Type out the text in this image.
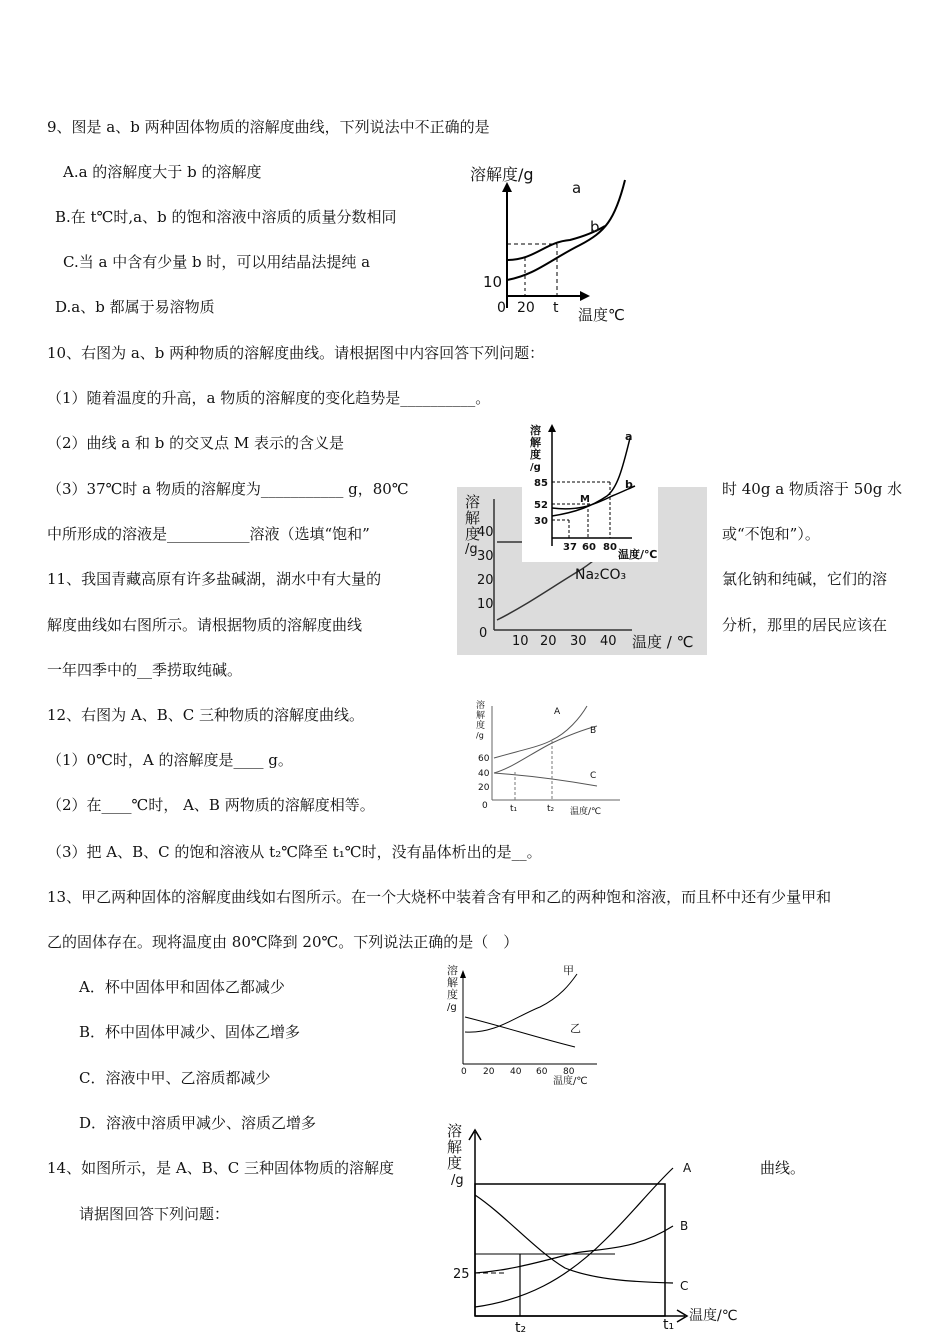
9、图是 a、b 两种固体物质的溶解度曲线，下列说法中不正确的是
A.a 的溶解度大于 b 的溶解度
B.在 t℃时,a、b 的饱和溶液中溶质的质量分数相同
C.当 a 中含有少量 b 时，可以用结晶法提纯 a
D.a、b 都属于易溶物质
溶解度/g
a
b
10
0 20 t 温度℃
10、右图为 a、b 两种物质的溶解度曲线。请根据图中内容回答下列问题：
（1）随着温度的升高，a 物质的溶解度的变化趋势是__________。
（2）曲线 a 和 b 的交叉点 M 表示的含义是
（3）37℃时 a 物质的溶解度为___________ g，80℃	时 40g a 物质溶于 50g 水
中所形成的溶液是___________溶液（选填“饱和”	或“不饱和”）。
溶
解
度
/g
40
30
20
10
0
10 20 30 40 温度 / ℃
Na₂CO₃
溶
解
度
/g
85
52
30
37 60 80
温度/℃
M
a
b
11、我国青藏高原有许多盐碱湖，湖水中有大量的	氯化钠和纯碱，它们的溶
解度曲线如右图所示。请根据物质的溶解度曲线	分析，那里的居民应该在
一年四季中的__季捞取纯碱。
12、右图为 A、B、C 三种物质的溶解度曲线。
（1）0℃时，A 的溶解度是____ g。
（2）在____℃时， A、B 两物质的溶解度相等。
（3）把 A、B、C 的饱和溶液从 t₂℃降至 t₁℃时，没有晶体析出的是__。
溶
解
度
/g
60
40
20
0 t₁	t₂ 温度/℃
A
B
C
13、甲乙两种固体的溶解度曲线如右图所示。在一个大烧杯中装着含有甲和乙的两种饱和溶液，而且杯中还有少量甲和
乙的固体存在。现将温度由 80℃降到 20℃。下列说法正确的是（　）
A．杯中固体甲和固体乙都减少
B．杯中固体甲减少、固体乙增多
C．溶液中甲、乙溶质都减少
D．溶液中溶质甲减少、溶质乙增多
溶
解
度
/g
0 20 40 60 80
温度/℃
甲
乙
14、如图所示，是 A、B、C 三种固体物质的溶解度	曲线。
请据图回答下列问题：
溶
解
度
/g
25
t₂	t₁
温度/℃
A
B
C
